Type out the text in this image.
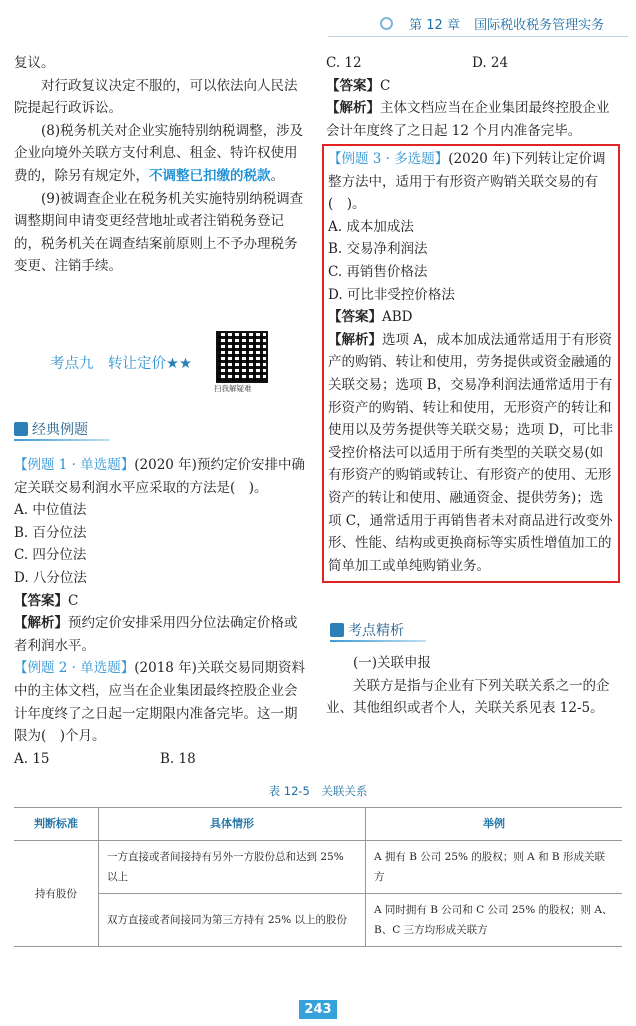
第 12 章 国际税收税务管理实务

复议。

对行政复议决定不服的，可以依法向人民法院提起行政诉讼。

(8)税务机关对企业实施特别纳税调整，涉及企业向境外关联方支付利息、租金、特许权使用费的，除另有规定外，不调整已扣缴的税款。

(9)被调查企业在税务机关实施特别纳税调查调整期间申请变更经营地址或者注销税务登记的，税务机关在调查结案前原则上不予办理税务变更、注销手续。

考点九　转让定价★★
扫我解疑难
经典例题

【例题 1 · 单选题】(2020 年)预约定价安排中确定关联交易利润水平应采取的方法是(　)。

A. 中位值法

B. 百分位法

C. 四分位法

D. 八分位法

【答案】C

【解析】预约定价安排采用四分位法确定价格或者利润水平。

【例题 2 · 单选题】(2018 年)关联交易同期资料中的主体文档，应当在企业集团最终控股企业会计年度终了之日起一定期限内准备完毕。这一期限为(　)个月。

A. 15	B. 18

C. 12	D. 24

【答案】C

【解析】主体文档应当在企业集团最终控股企业会计年度终了之日起 12 个月内准备完毕。

【例题 3 · 多选题】(2020 年)下列转让定价调整方法中，适用于有形资产购销关联交易的有(　)。

A. 成本加成法

B. 交易净利润法

C. 再销售价格法

D. 可比非受控价格法

【答案】ABD

【解析】选项 A，成本加成法通常适用于有形资产的购销、转让和使用，劳务提供或资金融通的关联交易；选项 B，交易净利润法通常适用于有形资产的购销、转让和使用，无形资产的转让和使用以及劳务提供等关联交易；选项 D，可比非受控价格法可以适用于所有类型的关联交易(如有形资产的购销或转让、有形资产的使用、无形资产的转让和使用、融通资金、提供劳务)；选项 C，通常适用于再销售者未对商品进行改变外形、性能、结构或更换商标等实质性增值加工的简单加工或单纯购销业务。

考点精析

(一)关联申报

关联方是指与企业有下列关联关系之一的企业、其他组织或者个人，关联关系见表 12-5。

表 12-5　关联关系
判断标准	具体情形	举例
持有股份	一方直接或者间接持有另外一方股份总和达到 25% 以上	A 拥有 B 公司 25% 的股权；则 A 和 B 形成关联方
	双方直接或者间接同为第三方持有 25% 以上的股份	A 同时拥有 B 公司和 C 公司 25% 的股权；则 A、B、C 三方均形成关联方
243
